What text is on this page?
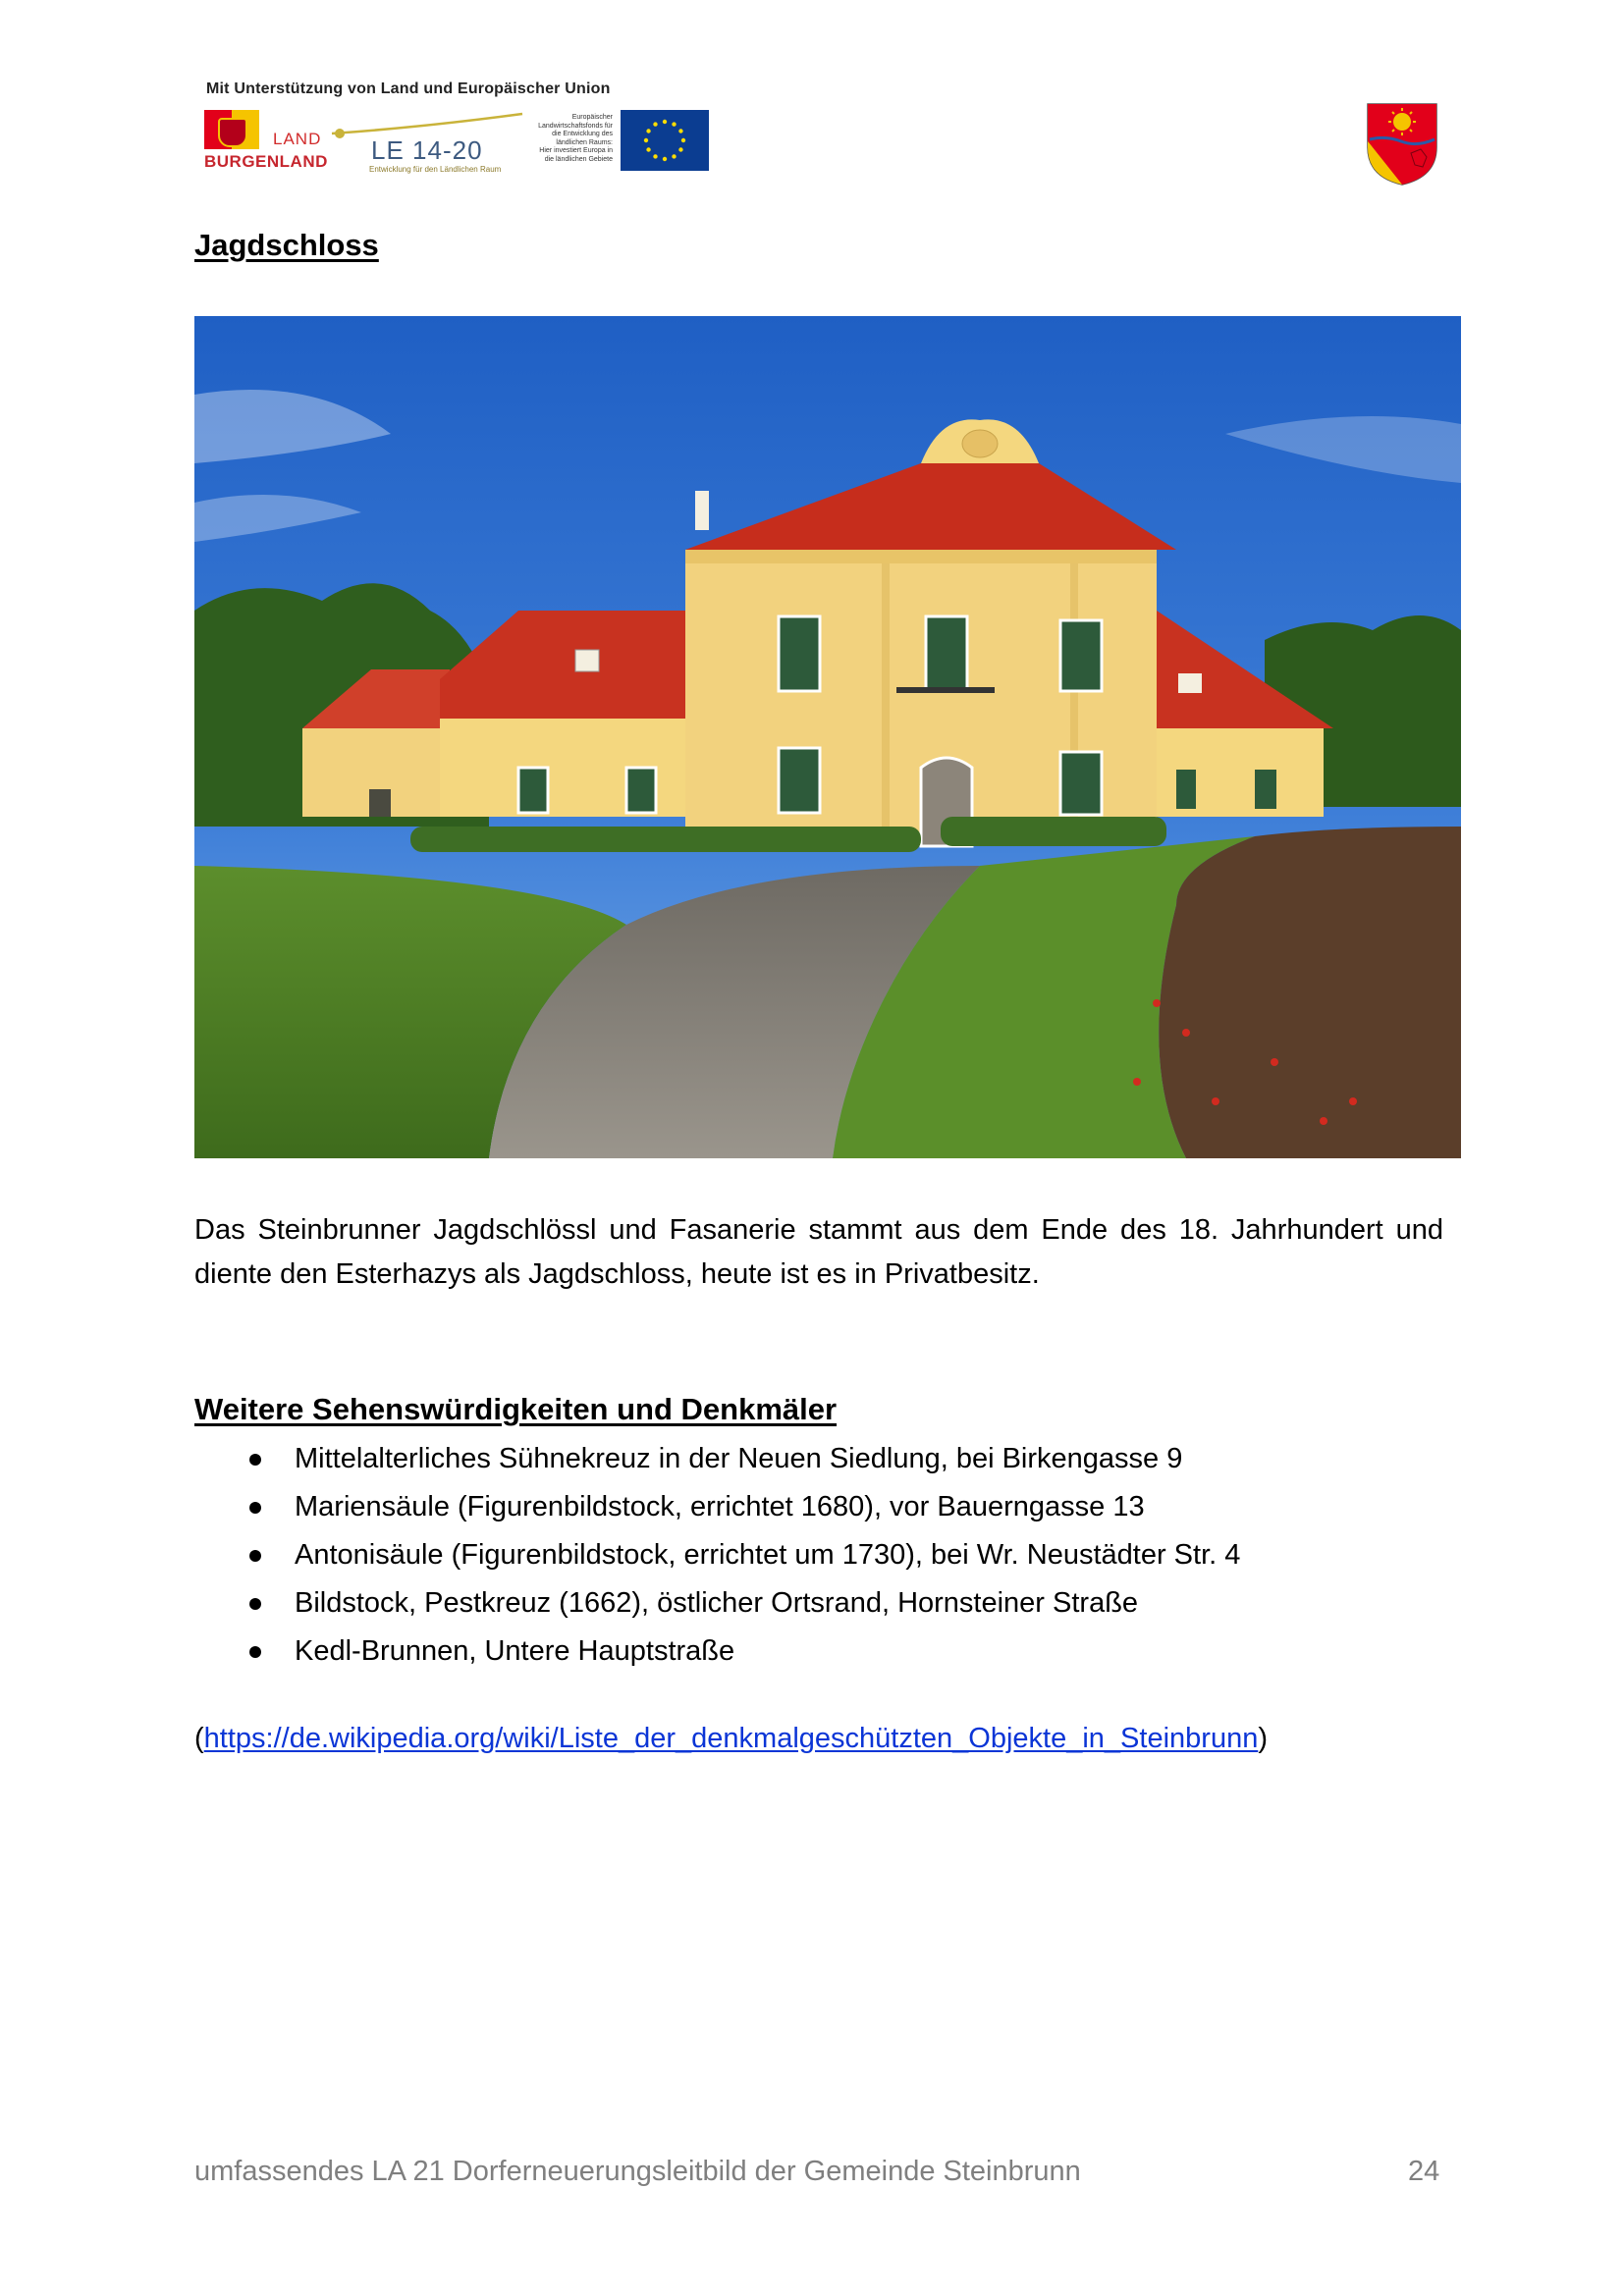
Mit Unterstützung von Land und Europäischer Union
LAND
BURGENLAND LE 14-20
Entwicklung für den Ländlichen Raum
Europäischer
Landwirtschaftsfonds für
die Entwicklung des
ländlichen Raums:
Hier investiert Europa in
die ländlichen Gebiete
Jagdschloss
Das Steinbrunner Jagdschlössl und Fasanerie stammt aus dem Ende des 18. Jahrhundert und diente den Esterhazys als Jagdschloss, heute ist es in Privatbesitz.
Weitere Sehenswürdigkeiten und Denkmäler
Mittelalterliches Sühnekreuz in der Neuen Siedlung, bei Birkengasse 9
Mariensäule (Figurenbildstock, errichtet 1680), vor Bauerngasse 13
Antonisäule (Figurenbildstock, errichtet um 1730), bei Wr. Neustädter Str. 4
Bildstock, Pestkreuz (1662), östlicher Ortsrand, Hornsteiner Straße
Kedl-Brunnen, Untere Hauptstraße
(https://de.wikipedia.org/wiki/Liste_der_denkmalgeschützten_Objekte_in_Steinbrunn)
umfassendes LA 21 Dorferneuerungsleitbild der Gemeinde Steinbrunn	24
